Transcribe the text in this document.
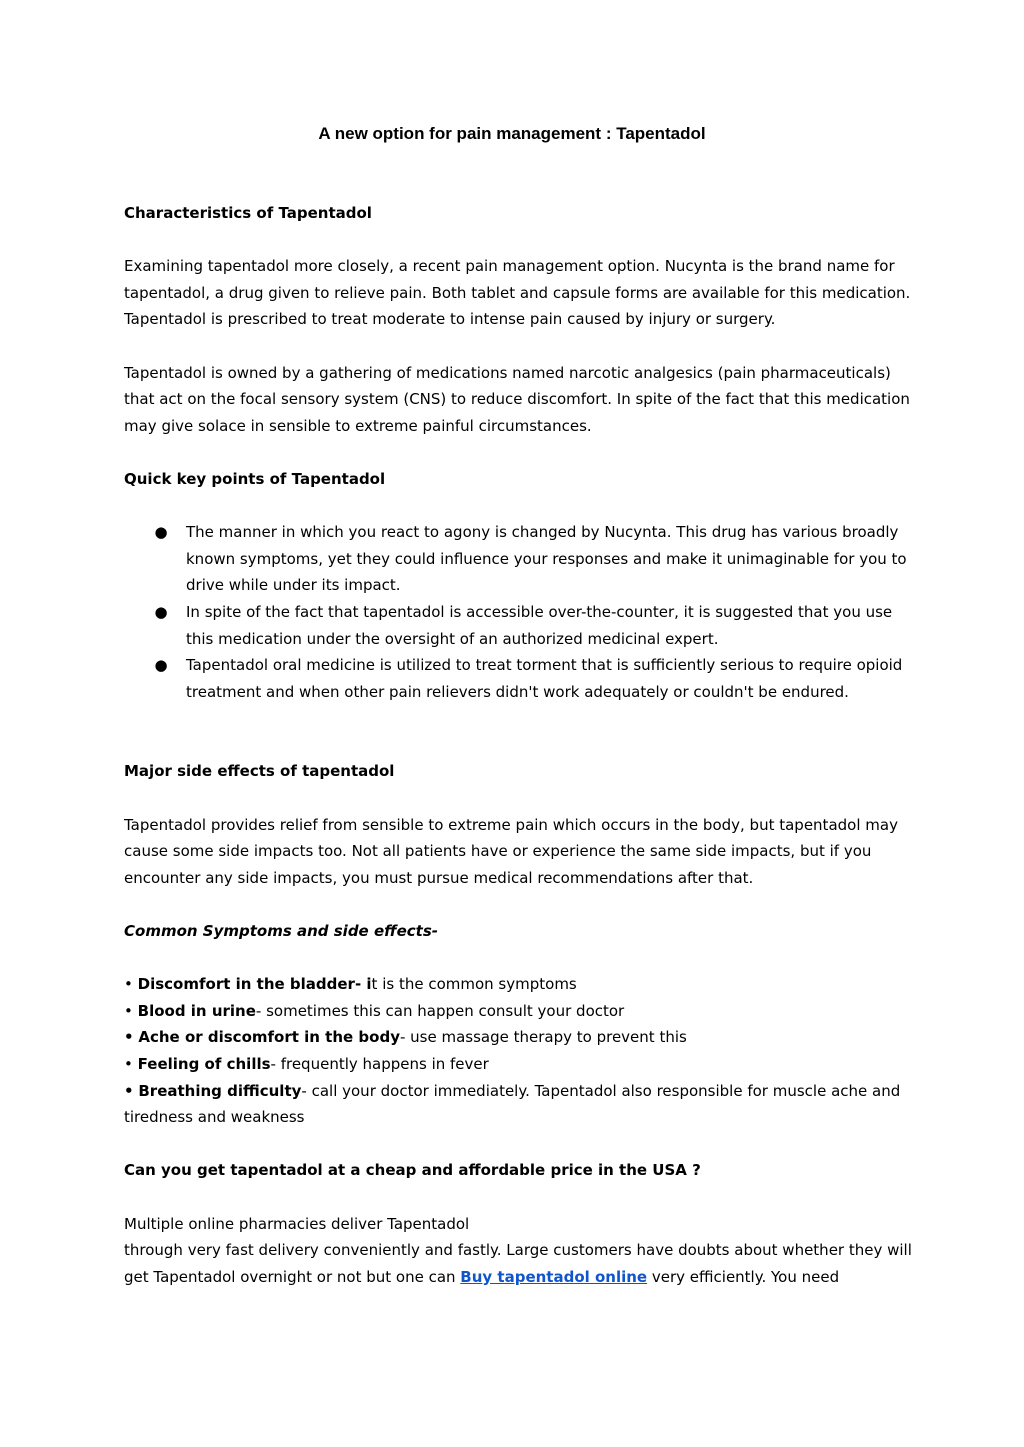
A new option for pain management : Tapentadol
Characteristics of Tapentadol

Examining tapentadol more closely, a recent pain management option. Nucynta is the brand name for tapentadol, a drug given to relieve pain. Both tablet and capsule forms are available for this medication. Tapentadol is prescribed to treat moderate to intense pain caused by injury or surgery.

Tapentadol is owned by a gathering of medications named narcotic analgesics (pain pharmaceuticals) that act on the focal sensory system (CNS) to reduce discomfort. In spite of the fact that this medication may give solace in sensible to extreme painful circumstances.

Quick key points of Tapentadol
● The manner in which you react to agony is changed by Nucynta. This drug has various broadly known symptoms, yet they could influence your responses and make it unimaginable for you to drive while under its impact.
● In spite of the fact that tapentadol is accessible over-the-counter, it is suggested that you use this medication under the oversight of an authorized medicinal expert.
● Tapentadol oral medicine is utilized to treat torment that is sufficiently serious to require opioid treatment and when other pain relievers didn't work adequately or couldn't be endured.
Major side effects of tapentadol

Tapentadol provides relief from sensible to extreme pain which occurs in the body, but tapentadol may cause some side impacts too. Not all patients have or experience the same side impacts, but if you encounter any side impacts, you must pursue medical recommendations after that.

Common Symptoms and side effects-

• Discomfort in the bladder- it is the common symptoms

• Blood in urine- sometimes this can happen consult your doctor

• Ache or discomfort in the body- use massage therapy to prevent this

• Feeling of chills- frequently happens in fever

• Breathing difficulty- call your doctor immediately. Tapentadol also responsible for muscle ache and tiredness and weakness

Can you get tapentadol at a cheap and affordable price in the USA ?

Multiple online pharmacies deliver Tapentadol

through very fast delivery conveniently and fastly. Large customers have doubts about whether they will get Tapentadol overnight or not but one can Buy tapentadol online very efficiently. You need
